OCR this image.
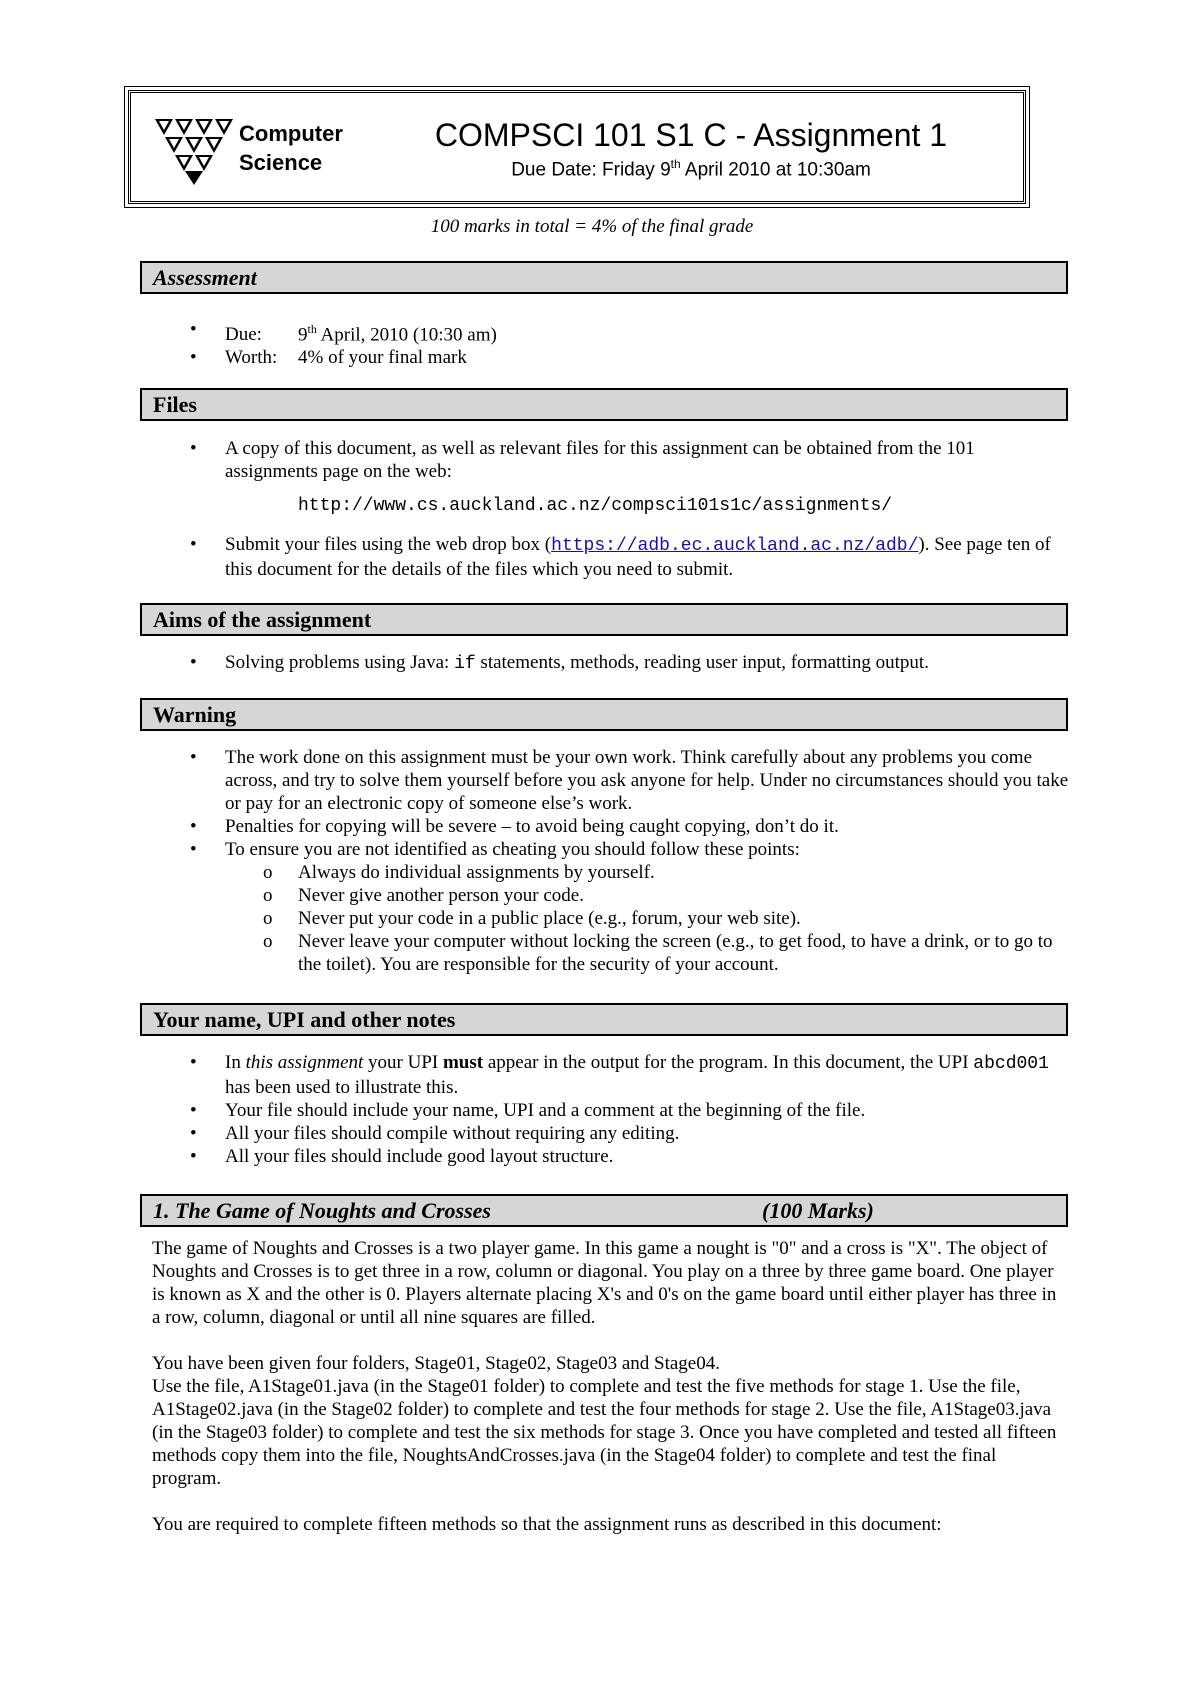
Computer
Science
COMPSCI 101 S1 C - Assignment 1
Due Date: Friday 9th April 2010 at 10:30am
100 marks in total = 4% of the final grade
Assessment
• Due: 9th April, 2010 (10:30 am)
• Worth: 4% of your final mark
Files
• A copy of this document, as well as relevant files for this assignment can be obtained from the 101 assignments page on the web:
http://www.cs.auckland.ac.nz/compsci101s1c/assignments/
• Submit your files using the web drop box (https://adb.ec.auckland.ac.nz/adb/). See page ten of this document for the details of the files which you need to submit.
Aims of the assignment
• Solving problems using Java: if statements, methods, reading user input, formatting output.
Warning
• The work done on this assignment must be your own work. Think carefully about any problems you come across, and try to solve them yourself before you ask anyone for help. Under no circumstances should you take or pay for an electronic copy of someone else’s work.
• Penalties for copying will be severe – to avoid being caught copying, don’t do it.
• To ensure you are not identified as cheating you should follow these points:
o Always do individual assignments by yourself.
o Never give another person your code.
o Never put your code in a public place (e.g., forum, your web site).
o Never leave your computer without locking the screen (e.g., to get food, to have a drink, or to go to the toilet). You are responsible for the security of your account.
Your name, UPI and other notes
• In this assignment your UPI must appear in the output for the program. In this document, the UPI abcd001 has been used to illustrate this.
• Your file should include your name, UPI and a comment at the beginning of the file.
• All your files should compile without requiring any editing.
• All your files should include good layout structure.
1. The Game of Noughts and Crosses	(100 Marks)
The game of Noughts and Crosses is a two player game. In this game a nought is "0" and a cross is "X". The object of Noughts and Crosses is to get three in a row, column or diagonal. You play on a three by three game board. One player is known as X and the other is 0. Players alternate placing X's and 0's on the game board until either player has three in a row, column, diagonal or until all nine squares are filled.
You have been given four folders, Stage01, Stage02, Stage03 and Stage04.
Use the file, A1Stage01.java (in the Stage01 folder) to complete and test the five methods for stage 1. Use the file, A1Stage02.java (in the Stage02 folder) to complete and test the four methods for stage 2. Use the file, A1Stage03.java (in the Stage03 folder) to complete and test the six methods for stage 3. Once you have completed and tested all fifteen methods copy them into the file, NoughtsAndCrosses.java (in the Stage04 folder) to complete and test the final program.
You are required to complete fifteen methods so that the assignment runs as described in this document:
